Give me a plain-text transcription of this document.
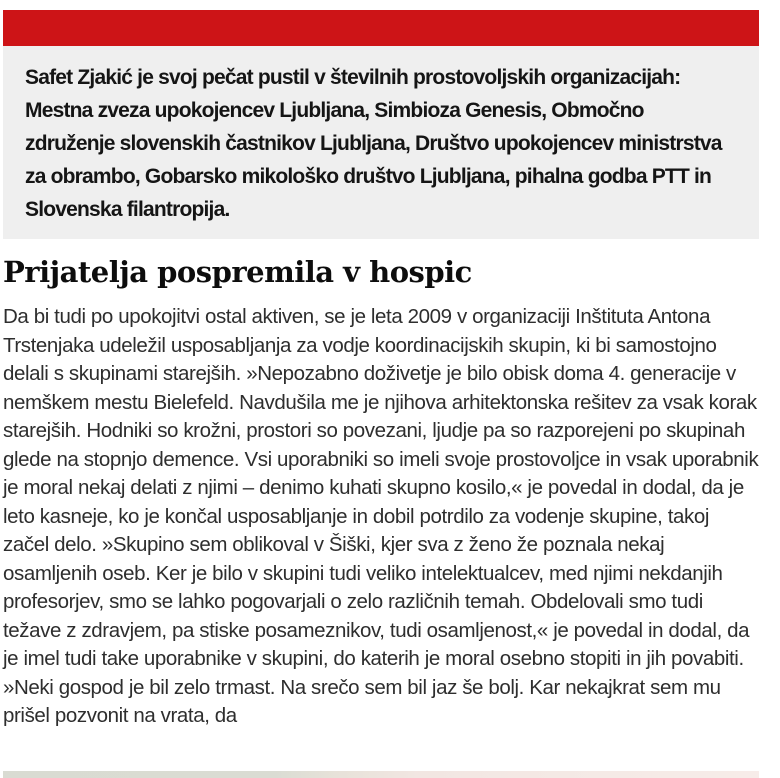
Safet Zjakić je svoj pečat pustil v številnih prostovoljskih organizacijah: Mestna zveza upokojencev Ljubljana, Simbioza Genesis, Območno združenje slovenskih častnikov Ljubljana, Društvo upokojencev ministrstva za obrambo, Gobarsko mikološko društvo Ljubljana, pihalna godba PTT in Slovenska filantropija.

Prijatelja pospremila v hospic

Da bi tudi po upokojitvi ostal aktiven, se je leta 2009 v organizaciji Inštituta Antona Trstenjaka udeležil usposabljanja za vodje koordinacijskih skupin, ki bi samostojno delali s skupinami starejših. »Nepozabno doživetje je bilo obisk doma 4. generacije v nemškem mestu Bielefeld. Navdušila me je njihova arhitektonska rešitev za vsak korak starejših. Hodniki so krožni, prostori so povezani, ljudje pa so razporejeni po skupinah glede na stopnjo demence. Vsi uporabniki so imeli svoje prostovoljce in vsak uporabnik je moral nekaj delati z njimi – denimo kuhati skupno kosilo,« je povedal in dodal, da je leto kasneje, ko je končal usposabljanje in dobil potrdilo za vodenje skupine, takoj začel delo. »Skupino sem oblikoval v Šiški, kjer sva z ženo že poznala nekaj osamljenih oseb. Ker je bilo v skupini tudi veliko intelektualcev, med njimi nekdanjih profesorjev, smo se lahko pogovarjali o zelo različnih temah. Obdelovali smo tudi težave z zdravjem, pa stiske posameznikov, tudi osamljenost,« je povedal in dodal, da je imel tudi take uporabnike v skupini, do katerih je moral osebno stopiti in jih povabiti. »Neki gospod je bil zelo trmast. Na srečo sem bil jaz še bolj. Kar nekajkrat sem mu prišel pozvonit na vrata, da
